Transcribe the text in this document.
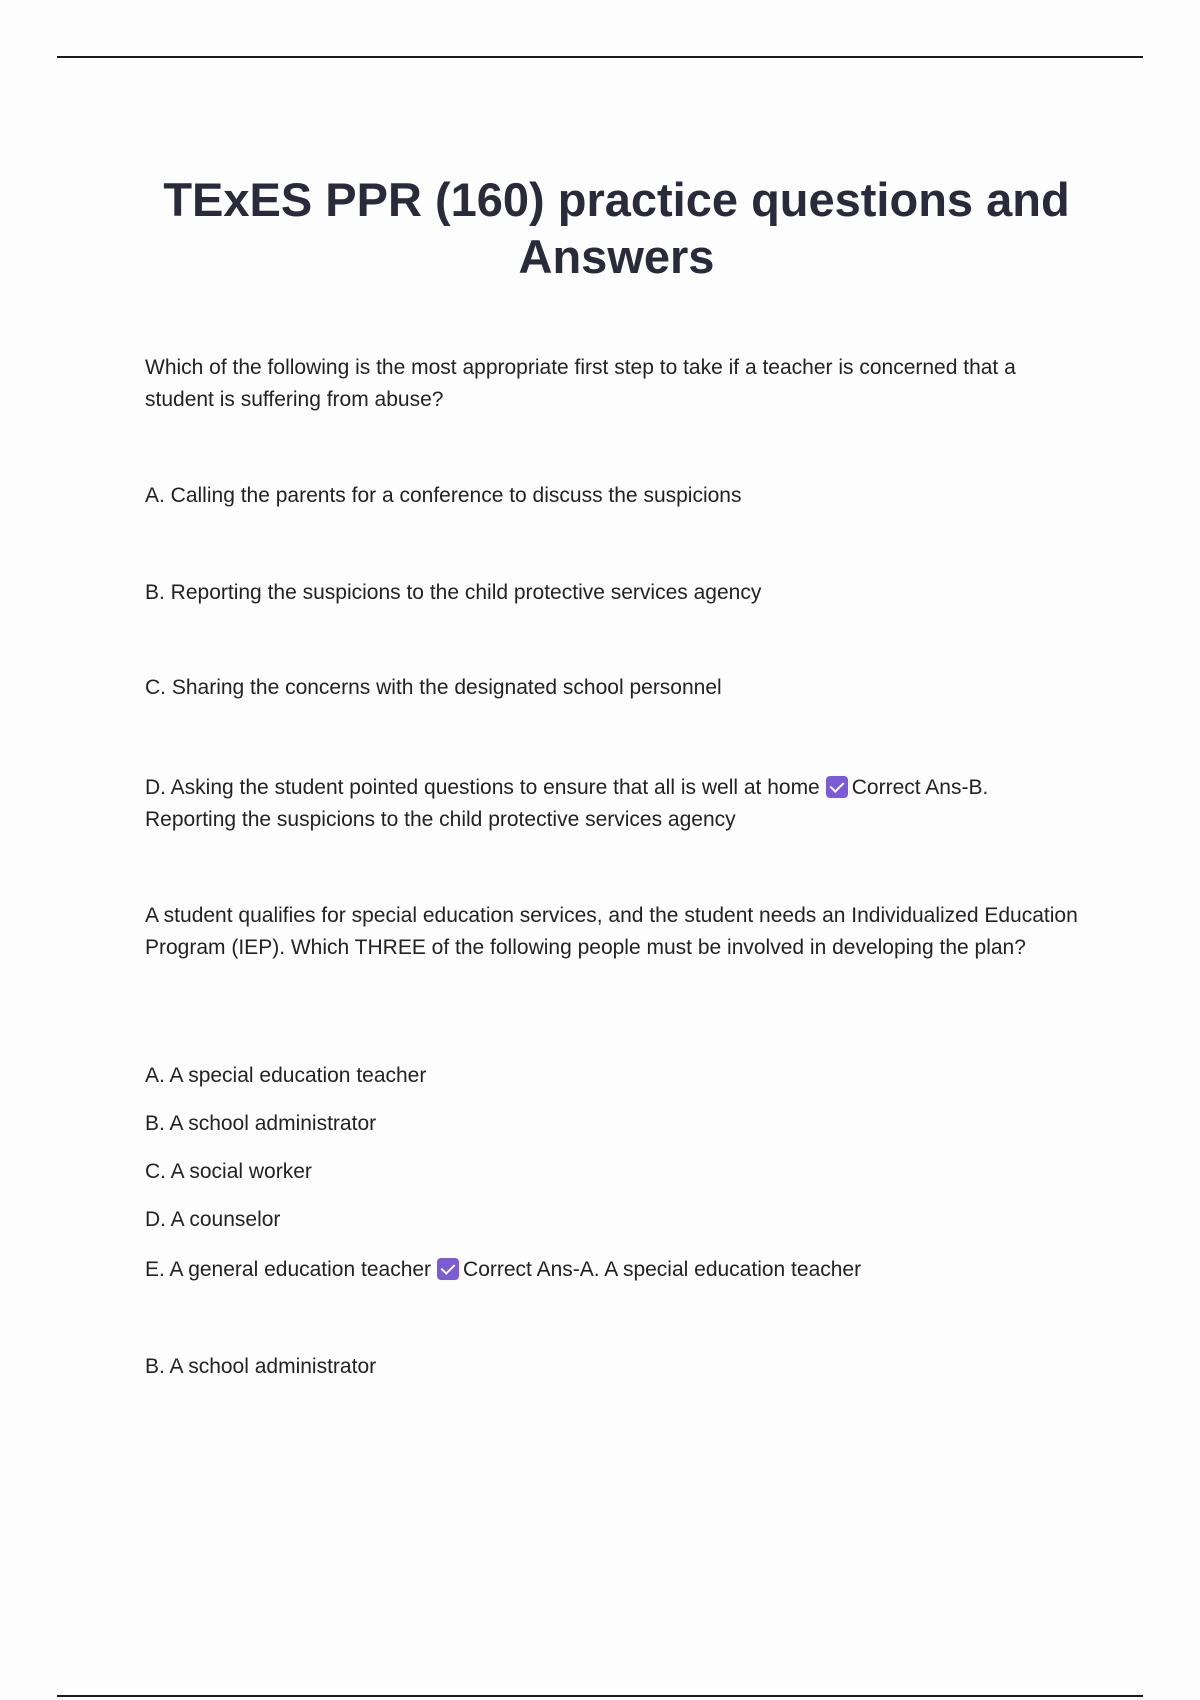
TExES PPR (160) practice questions and Answers
Which of the following is the most appropriate first step to take if a teacher is concerned that a student is suffering from abuse?
A. Calling the parents for a conference to discuss the suspicions
B. Reporting the suspicions to the child protective services agency
C. Sharing the concerns with the designated school personnel
D. Asking the student pointed questions to ensure that all is well at home Correct Ans-B. Reporting the suspicions to the child protective services agency
A student qualifies for special education services, and the student needs an Individualized Education Program (IEP). Which THREE of the following people must be involved in developing the plan?
A. A special education teacher
B. A school administrator
C. A social worker
D. A counselor
E. A general education teacher Correct Ans-A. A special education teacher
B. A school administrator
